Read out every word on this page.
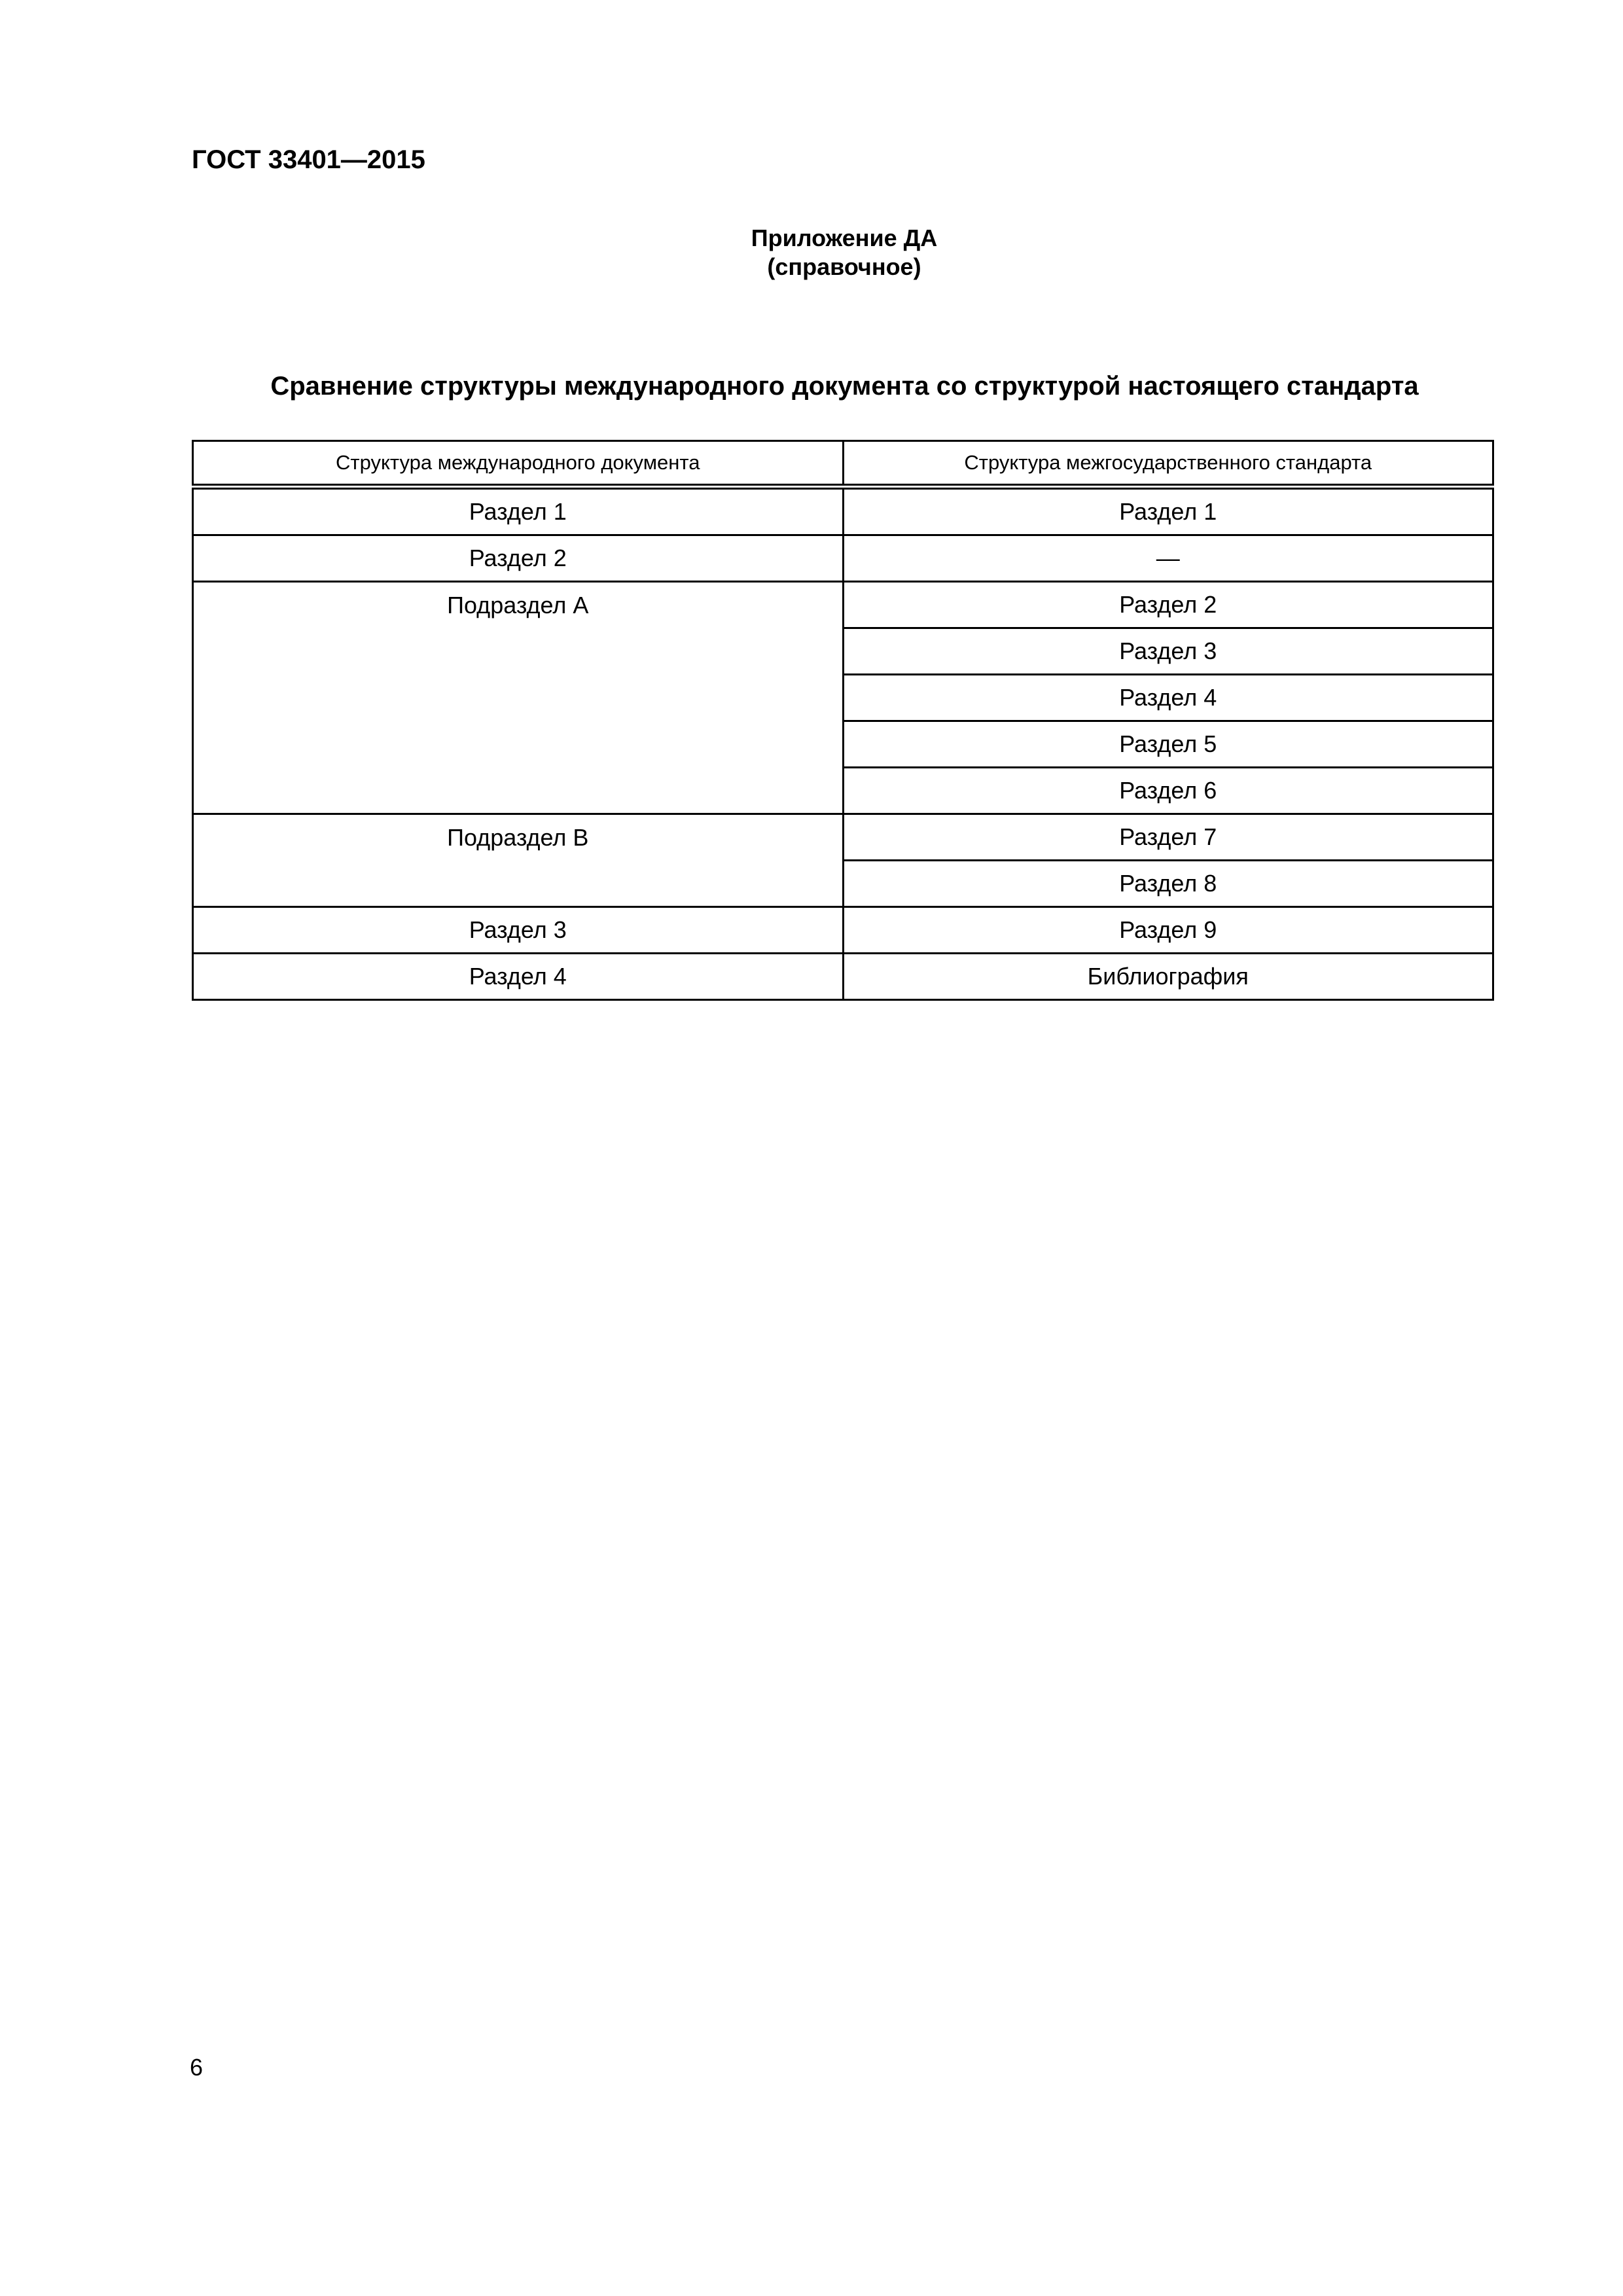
ГОСТ 33401—2015
Приложение ДА
(справочное)
Сравнение структуры международного документа со структурой настоящего стандарта
Структура международного документа	Структура межгосударственного стандарта
Раздел 1	Раздел 1
Раздел 2	—
Подраздел А	Раздел 2
	Раздел 3
	Раздел 4
	Раздел 5
	Раздел 6
Подраздел В	Раздел 7
	Раздел 8
Раздел 3	Раздел 9
Раздел 4	Библиография
6
